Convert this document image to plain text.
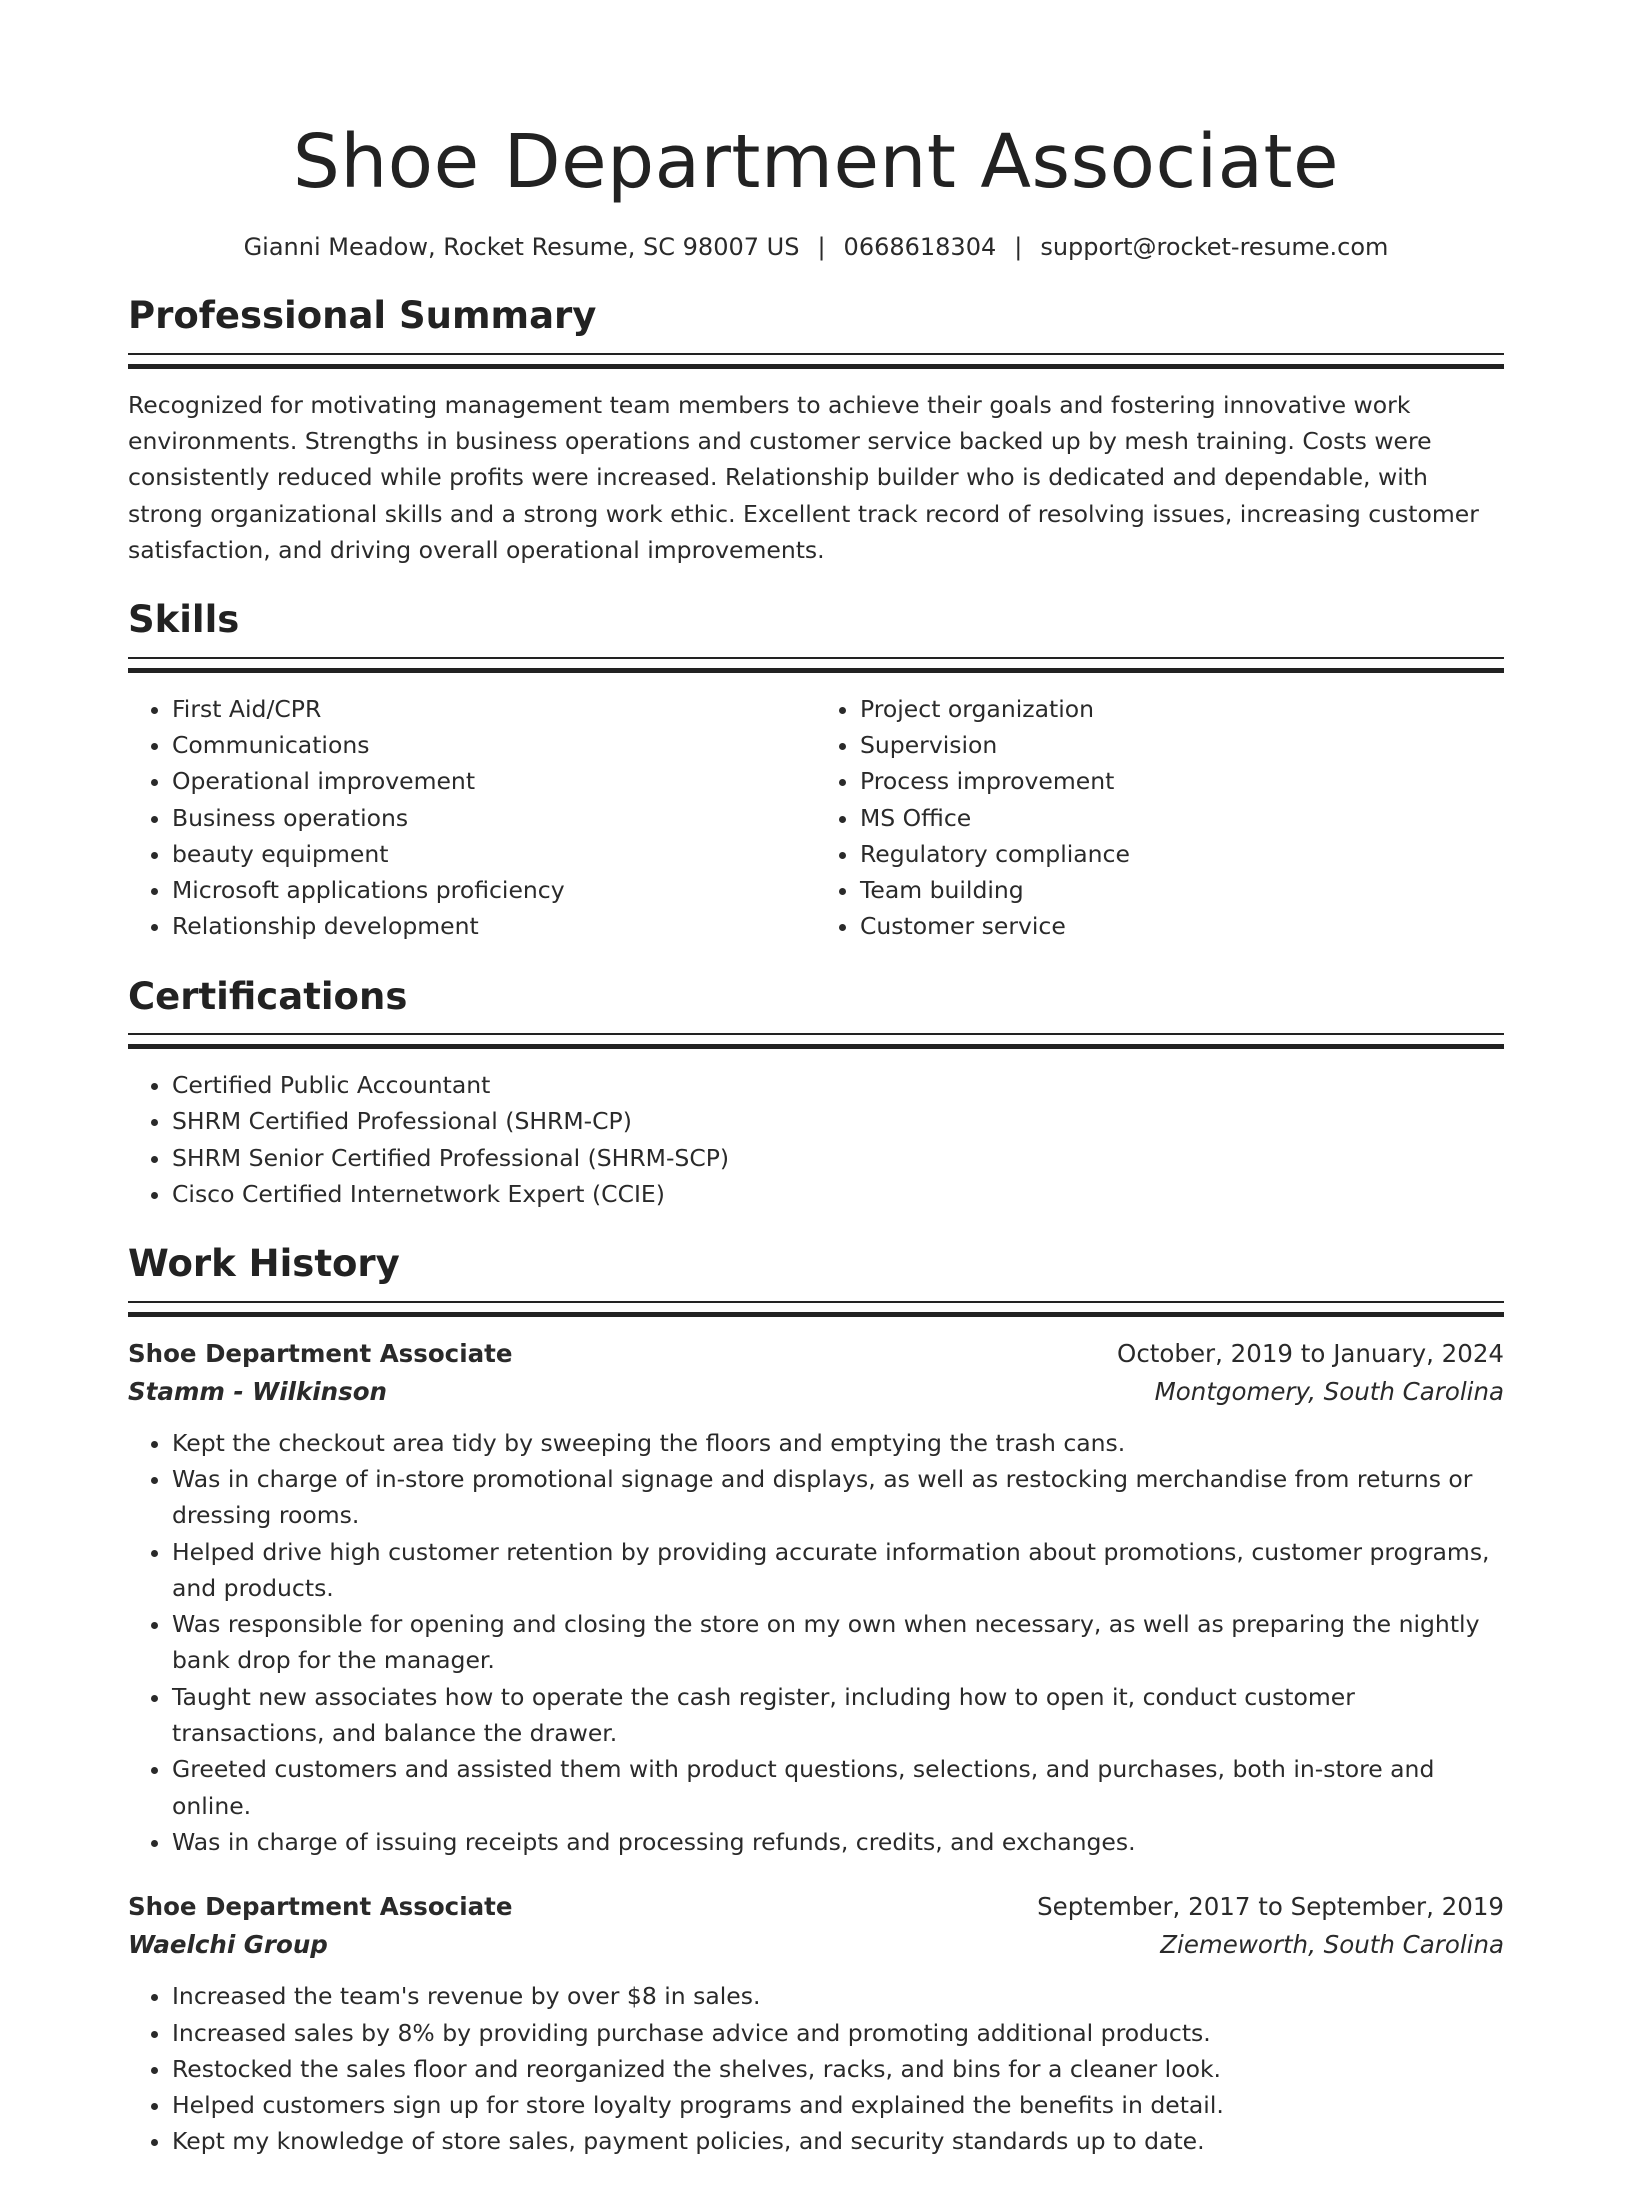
Shoe Department Associate
Gianni Meadow, Rocket Resume, SC 98007 US | 0668618304 | support@rocket-resume.com
Professional Summary

Recognized for motivating management team members to achieve their goals and fostering innovative work environments. Strengths in business operations and customer service backed up by mesh training. Costs were consistently reduced while profits were increased. Relationship builder who is dedicated and dependable, with strong organizational skills and a strong work ethic. Excellent track record of resolving issues, increasing customer satisfaction, and driving overall operational improvements.

Skills
• First Aid/CPR
• Communications
• Operational improvement
• Business operations
• beauty equipment
• Microsoft applications proficiency
• Relationship development
• Project organization
• Supervision
• Process improvement
• MS Office
• Regulatory compliance
• Team building
• Customer service
Certifications
• Certified Public Accountant
• SHRM Certified Professional (SHRM-CP)
• SHRM Senior Certified Professional (SHRM-SCP)
• Cisco Certified Internetwork Expert (CCIE)
Work History
Shoe Department Associate	October, 2019 to January, 2024
Stamm - Wilkinson	Montgomery, South Carolina
• Kept the checkout area tidy by sweeping the floors and emptying the trash cans.
• Was in charge of in-store promotional signage and displays, as well as restocking merchandise from returns or dressing rooms.
• Helped drive high customer retention by providing accurate information about promotions, customer programs, and products.
• Was responsible for opening and closing the store on my own when necessary, as well as preparing the nightly bank drop for the manager.
• Taught new associates how to operate the cash register, including how to open it, conduct customer transactions, and balance the drawer.
• Greeted customers and assisted them with product questions, selections, and purchases, both in-store and online.
• Was in charge of issuing receipts and processing refunds, credits, and exchanges.
Shoe Department Associate	September, 2017 to September, 2019
Waelchi Group	Ziemeworth, South Carolina
• Increased the team's revenue by over $8 in sales.
• Increased sales by 8% by providing purchase advice and promoting additional products.
• Restocked the sales floor and reorganized the shelves, racks, and bins for a cleaner look.
• Helped customers sign up for store loyalty programs and explained the benefits in detail.
• Kept my knowledge of store sales, payment policies, and security standards up to date.
